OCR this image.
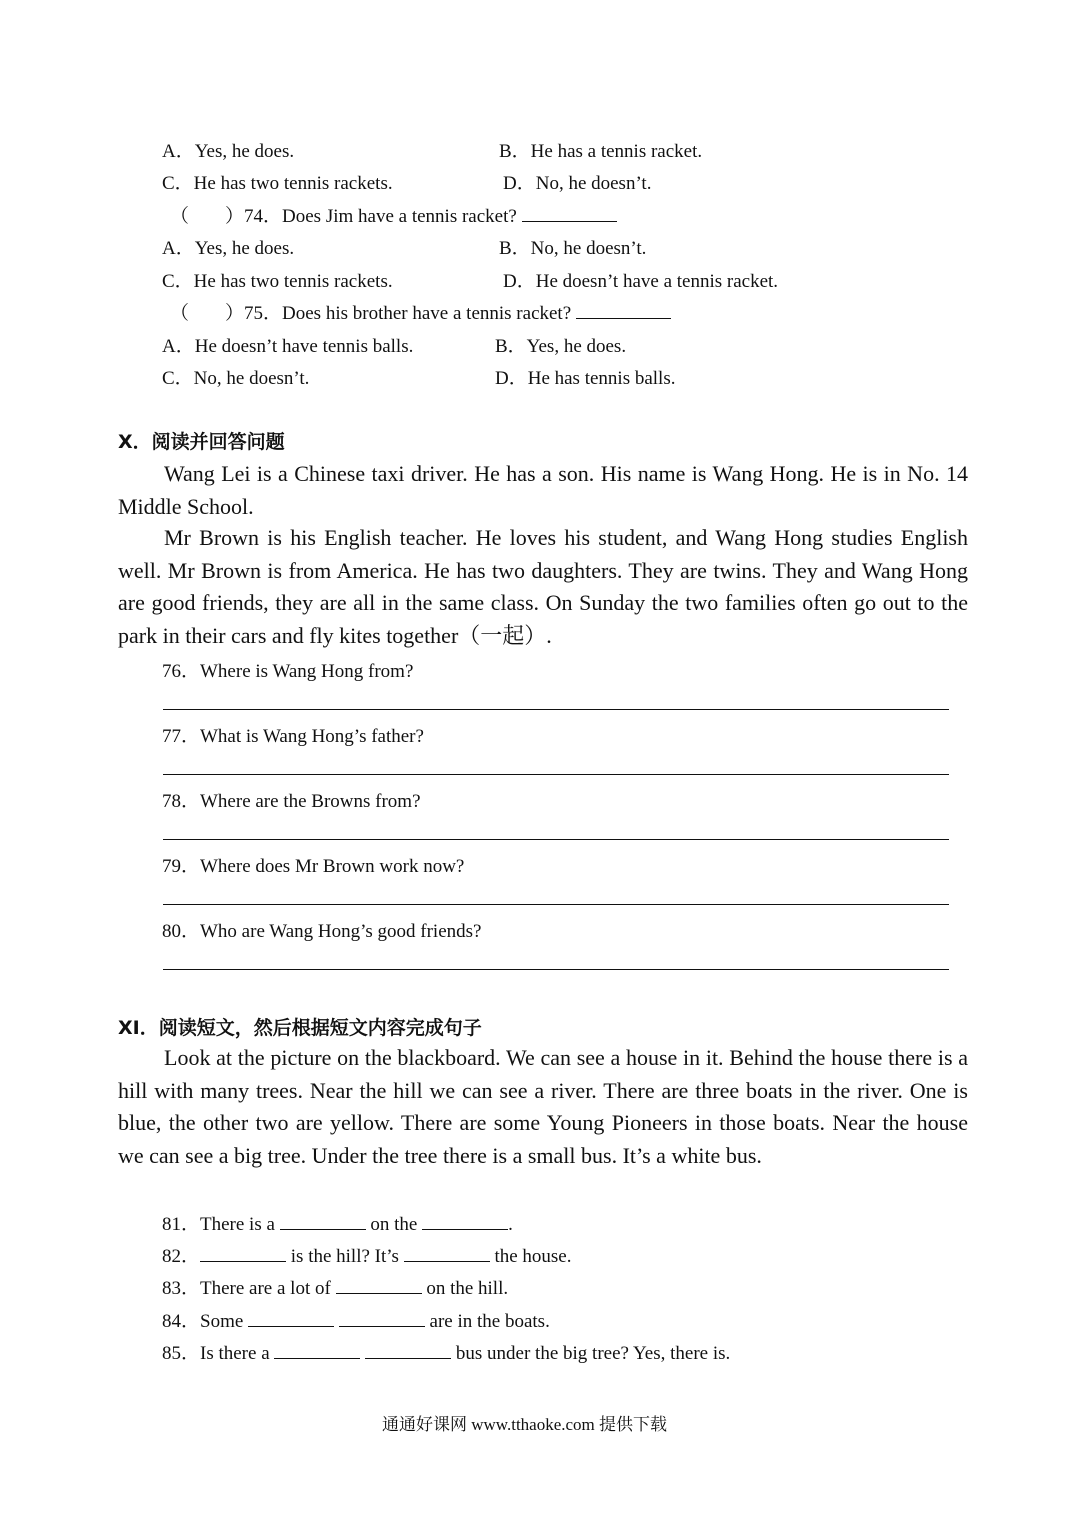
A．Yes, he does.	B．He has a tennis racket.
C．He has two tennis rackets.	D．No, he doesn’t.
（ ）74．Does Jim have a tennis racket?
A．Yes, he does.	B．No, he doesn’t.
C．He has two tennis rackets.	D．He doesn’t have a tennis racket.
（ ）75．Does his brother have a tennis racket?
A．He doesn’t have tennis balls.	B．Yes, he does.
C．No, he doesn’t.	D．He has tennis balls.
X．阅读并回答问题
Wang Lei is a Chinese taxi driver. He has a son. His name is Wang Hong. He is in No. 14 Middle School.
Mr Brown is his English teacher. He loves his student, and Wang Hong studies English well. Mr Brown is from America. He has two daughters. They are twins. They and Wang Hong are good friends, they are all in the same class. On Sunday the two families often go out to the park in their cars and fly kites together（一起）.
76．Where is Wang Hong from?
77．What is Wang Hong’s father?
78．Where are the Browns from?
79．Where does Mr Brown work now?
80．Who are Wang Hong’s good friends?
XI．阅读短文，然后根据短文内容完成句子
Look at the picture on the blackboard. We can see a house in it. Behind the house there is a hill with many trees. Near the hill we can see a river. There are three boats in the river. One is blue, the other two are yellow. There are some Young Pioneers in those boats. Near the house we can see a big tree. Under the tree there is a small bus. It’s a white bus.
81．There is a	on the	.
82．	is the hill? It’s	the house.
83．There are a lot of	on the hill.
84．Some	are in the boats.
85．Is there a	bus under the big tree? Yes, there is.
通通好课网 www.tthaoke.com 提供下载
